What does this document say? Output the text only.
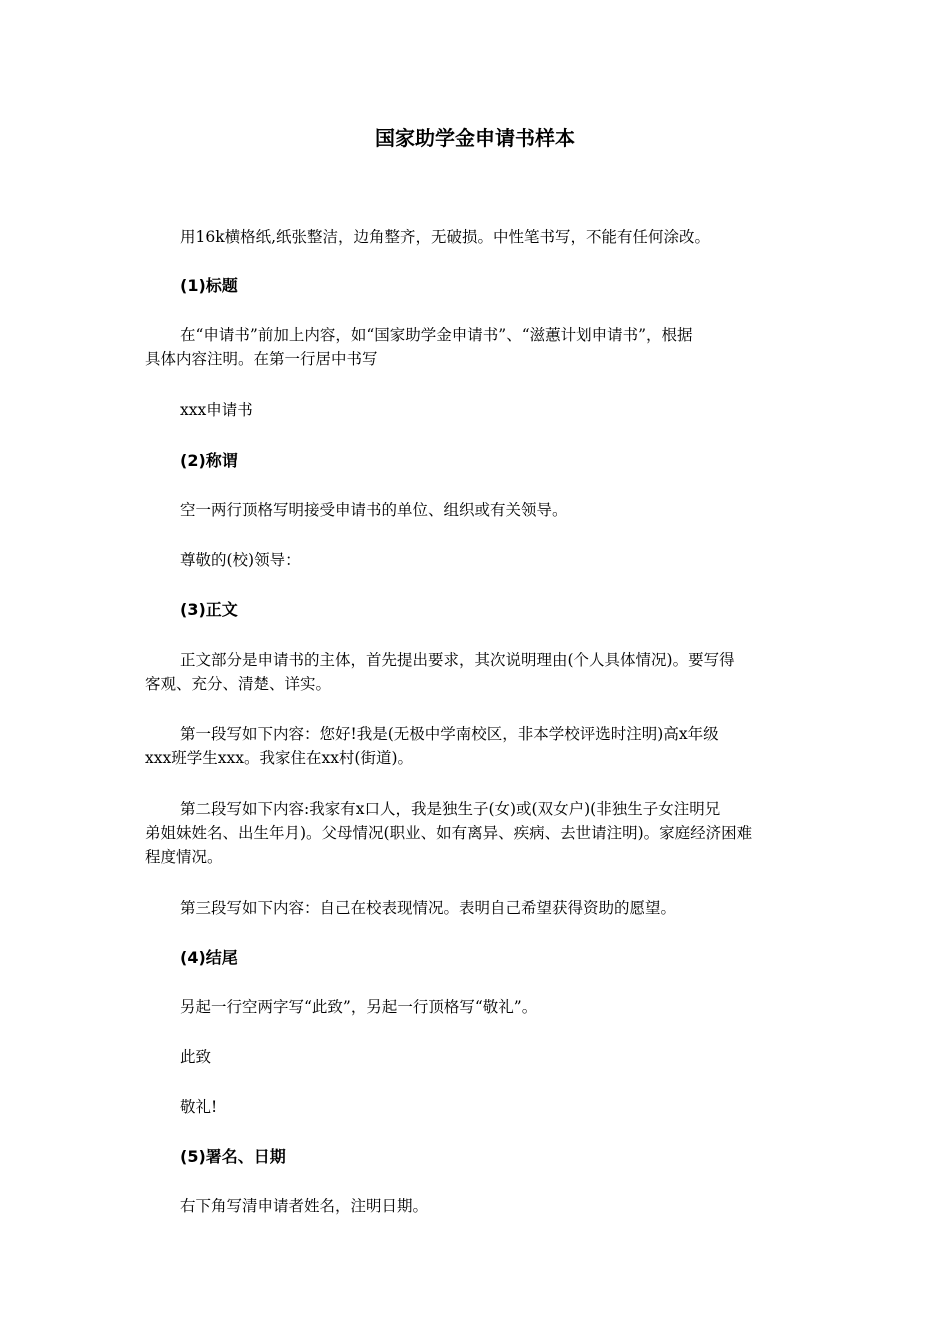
国家助学金申请书样本
用16k横格纸,纸张整洁，边角整齐，无破损。中性笔书写，不能有任何涂改。
(1)标题
在“申请书”前加上内容，如“国家助学金申请书”、“滋蕙计划申请书”，根据
具体内容注明。在第一行居中书写
xxx申请书
(2)称谓
空一两行顶格写明接受申请书的单位、组织或有关领导。
尊敬的(校)领导：
(3)正文
正文部分是申请书的主体，首先提出要求，其次说明理由(个人具体情况)。要写得
客观、充分、清楚、详实。
第一段写如下内容：您好!我是(无极中学南校区，非本学校评选时注明)高x年级
xxx班学生xxx。我家住在xx村(街道)。
第二段写如下内容:我家有x口人，我是独生子(女)或(双女户)(非独生子女注明兄
弟姐妹姓名、出生年月)。父母情况(职业、如有离异、疾病、去世请注明)。家庭经济困难
程度情况。
第三段写如下内容：自己在校表现情况。表明自己希望获得资助的愿望。
(4)结尾
另起一行空两字写“此致”，另起一行顶格写“敬礼”。
此致
敬礼!
(5)署名、日期
右下角写清申请者姓名，注明日期。
